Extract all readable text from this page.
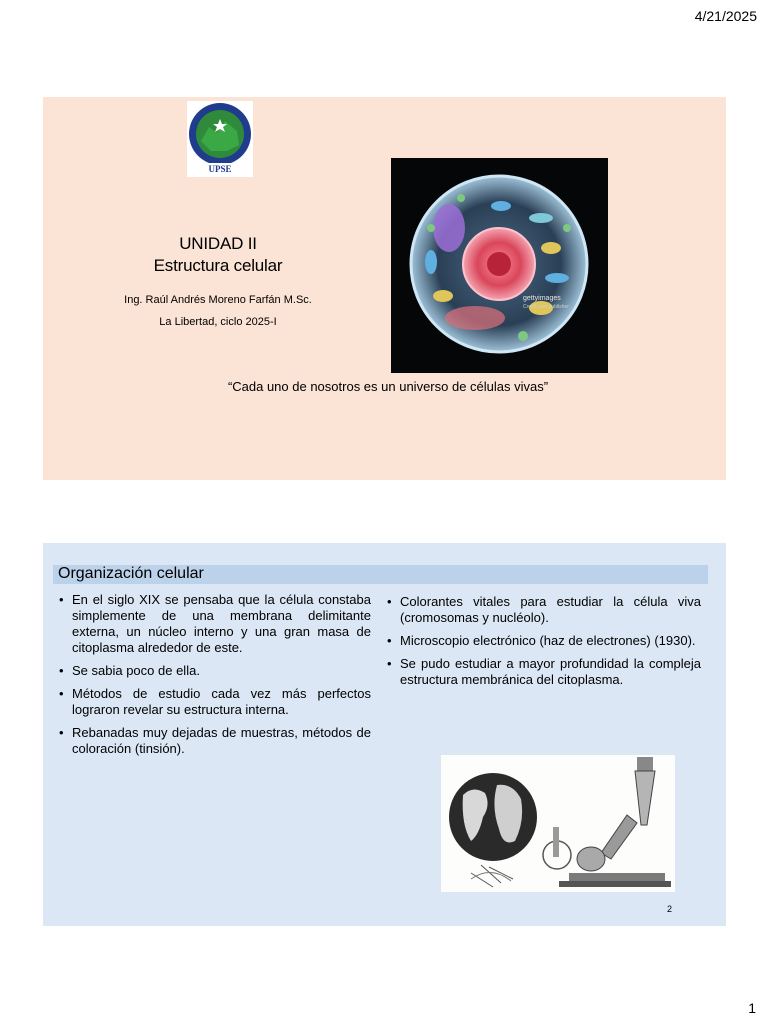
4/21/2025
UPSE
UNIDAD II
Estructura celular
Ing. Raúl Andrés Moreno Farfán M.Sc.
La Libertad, ciclo 2025-I
gettyimages
Credit: ecn publisher
“Cada uno de nosotros es un universo de células vivas”
Organización celular
• En el siglo XIX se pensaba que la célula constaba simplemente de una membrana delimitante externa, un núcleo interno y una gran masa de citoplasma alrededor de este.
• Se sabia poco de ella.
• Métodos de estudio cada vez más perfectos lograron revelar su estructura interna.
• Rebanadas muy dejadas de muestras, métodos de coloración (tinsión).
• Colorantes vitales para estudiar la célula viva (cromosomas y nucléolo).
• Microscopio electrónico (haz de electrones) (1930).
• Se pudo estudiar a mayor profundidad la compleja estructura membránica del citoplasma.
2
1
